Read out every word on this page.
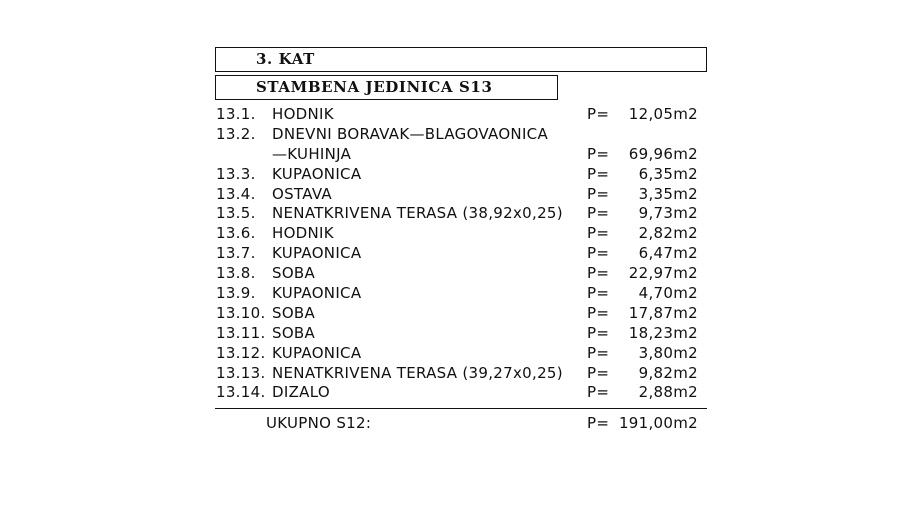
3. KAT
STAMBENA JEDINICA S13
13.1. HODNIK	P= 12,05m2
13.2. DNEVNI BORAVAK—BLAGOVAONICA
—KUHINJA	P= 69,96m2
13.3. KUPAONICA	P= 6,35m2
13.4. OSTAVA	P= 3,35m2
13.5. NENATKRIVENA TERASA (38,92x0,25) P= 9,73m2
13.6. HODNIK	P= 2,82m2
13.7. KUPAONICA	P= 6,47m2
13.8. SOBA	P= 22,97m2
13.9. KUPAONICA	P= 4,70m2
13.10. SOBA	P= 17,87m2
13.11. SOBA	P= 18,23m2
13.12. KUPAONICA	P= 3,80m2
13.13. NENATKRIVENA TERASA (39,27x0,25) P= 9,82m2
13.14. DIZALO	P= 2,88m2
UKUPNO S12:	P= 191,00m2
